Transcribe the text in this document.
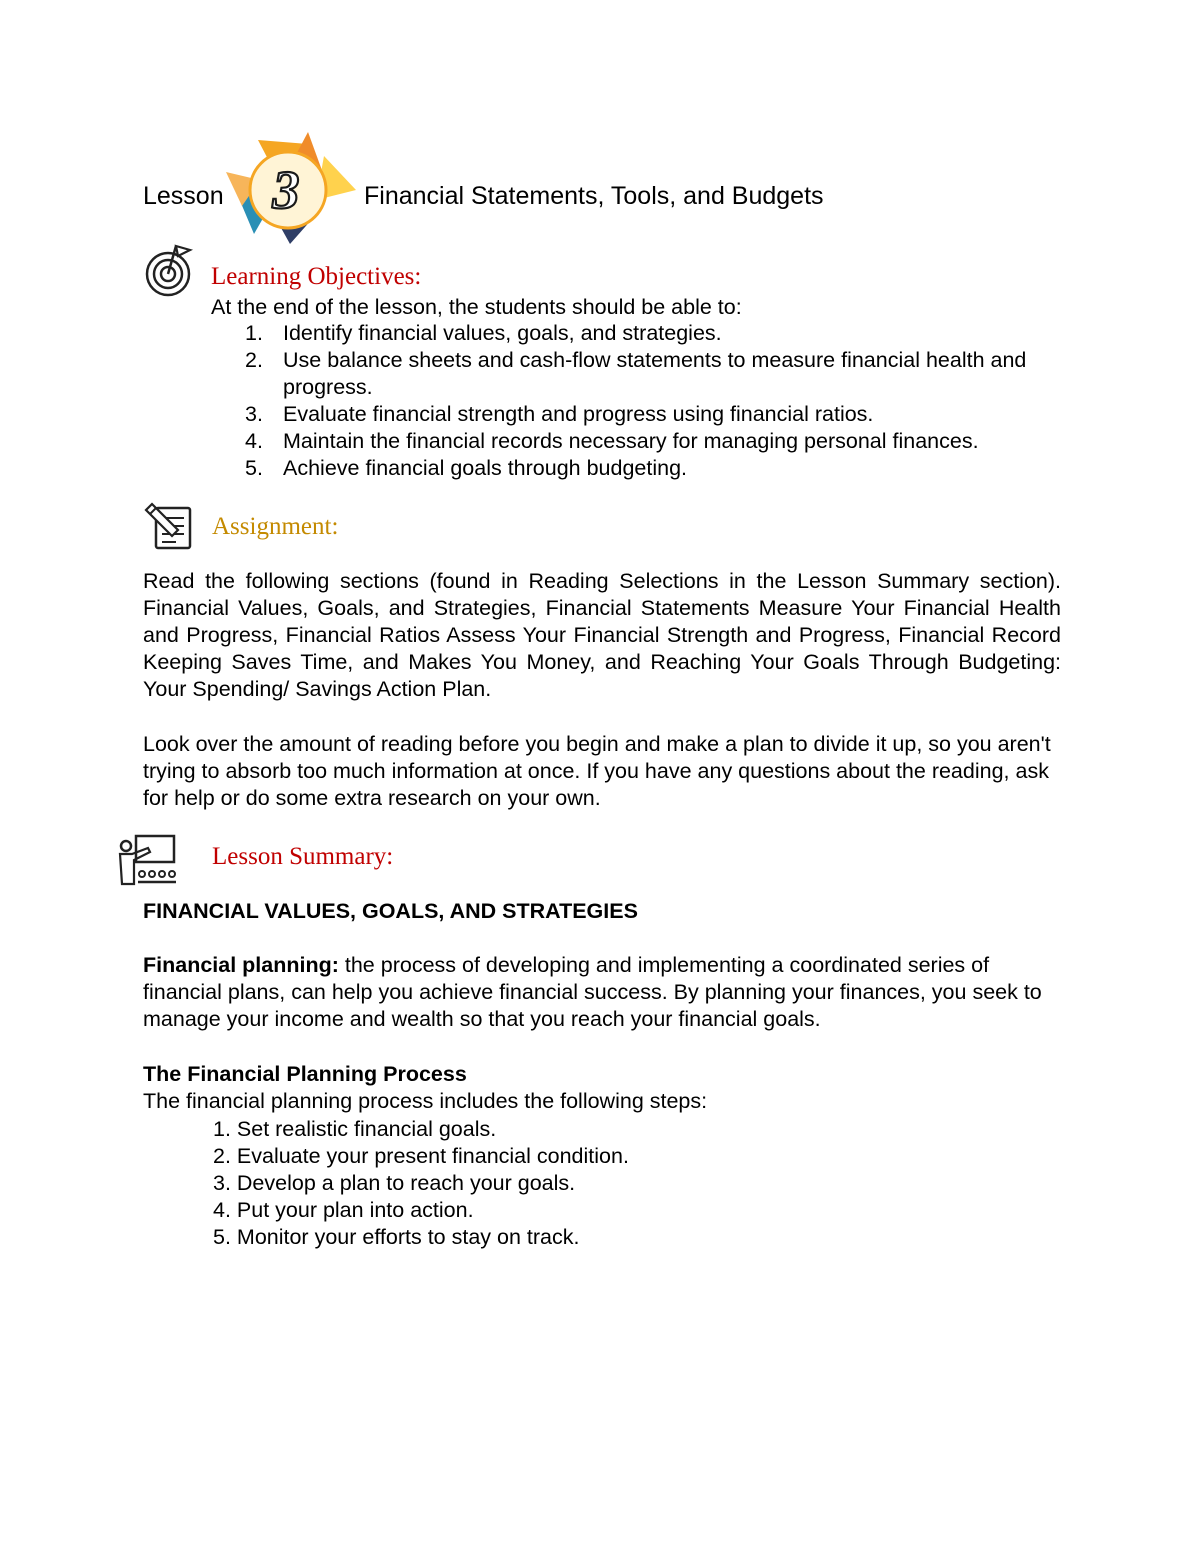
Lesson 3	Financial Statements, Tools, and Budgets
Learning Objectives:
At the end of the lesson, the students should be able to:
1. Identify financial values, goals, and strategies.
2. Use balance sheets and cash-flow statements to measure financial health and progress.
3. Evaluate financial strength and progress using financial ratios.
4. Maintain the financial records necessary for managing personal finances.
5. Achieve financial goals through budgeting.
Assignment:
Read the following sections (found in Reading Selections in the Lesson Summary section). Financial Values, Goals, and Strategies, Financial Statements Measure Your Financial Health and Progress, Financial Ratios Assess Your Financial Strength and Progress, Financial Record Keeping Saves Time, and Makes You Money, and Reaching Your Goals Through Budgeting: Your Spending/ Savings Action Plan.
Look over the amount of reading before you begin and make a plan to divide it up, so you aren't trying to absorb too much information at once. If you have any questions about the reading, ask for help or do some extra research on your own.
Lesson Summary:
FINANCIAL VALUES, GOALS, AND STRATEGIES
Financial planning: the process of developing and implementing a coordinated series of financial plans, can help you achieve financial success. By planning your finances, you seek to manage your income and wealth so that you reach your financial goals.
The Financial Planning Process
The financial planning process includes the following steps:
1. Set realistic financial goals.
2. Evaluate your present financial condition.
3. Develop a plan to reach your goals.
4. Put your plan into action.
5. Monitor your efforts to stay on track.
